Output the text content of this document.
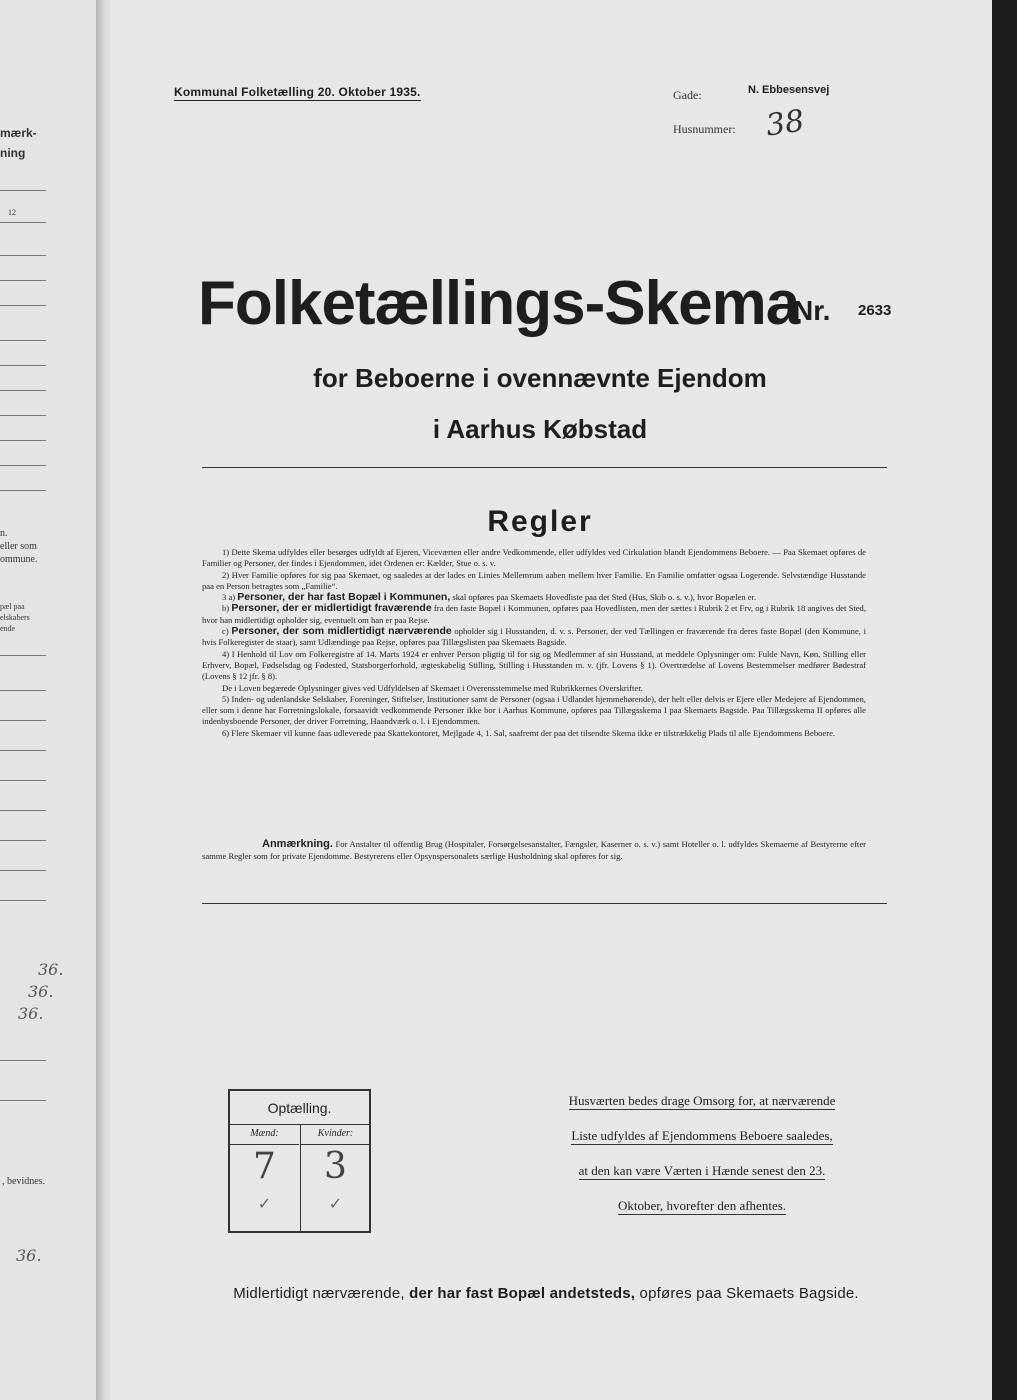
mærk-
ning
12
n.
eller som
ommune.
pæl paa
elskabers
ende
36.
36.
36.
, bevidnes.
36.
Kommunal Folketælling 20. Oktober 1935.	Gade:	N. Ebbesensvej
Husnummer: 38
Folketællings-Skema
Nr. 2633
for Beboerne i ovennævnte Ejendom
i Aarhus Købstad
Regler

1) Dette Skema udfyldes eller besørges udfyldt af Ejeren, Viceværten eller andre Vedkommende, eller udfyldes ved Cirkulation blandt Ejendommens Beboere. — Paa Skemaet opføres de Familier og Personer, der findes i Ejendommen, idet Ordenen er: Kælder, Stue o. s. v.

2) Hver Familie opføres for sig paa Skemaet, og saaledes at der lades en Linies Mellemrum aaben mellem hver Familie. En Familie omfatter ogsaa Logerende. Selvstændige Husstande paa en Person betragtes som „Familie“.

3 a) Personer, der har fast Bopæl i Kommunen, skal opføres paa Skemaets Hovedliste paa det Sted (Hus, Skib o. s. v.), hvor Bopælen er.

b) Personer, der er midlertidigt fraværende fra den faste Bopæl i Kommunen, opføres paa Hovedlisten, men der sættes i Rubrik 2 et Frv, og i Rubrik 18 angives det Sted, hvor han midlertidigt opholder sig, eventuelt om han er paa Rejse.

c) Personer, der som midlertidigt nærværende opholder sig i Husstanden, d. v. s. Personer, der ved Tællingen er fraværende fra deres faste Bopæl (den Kommune, i hvis Folkeregister de staar), samt Udlændinge paa Rejse, opføres paa Tillægslisten paa Skemaets Bagside.

4) I Henhold til Lov om Folkeregistre af 14. Marts 1924 er enhver Person pligtig til for sig og Medlemmer af sin Husstand, at meddele Oplysninger om: Fulde Navn, Køn, Stilling eller Erhverv, Bopæl, Fødselsdag og Fødested, Statsborgerforhold, ægteskabelig Stilling, Stilling i Husstanden m. v. (jfr. Lovens § 1). Overtrædelse af Lovens Bestemmelser medfører Bødestraf (Lovens § 12 jfr. § 8).

De i Loven begærede Oplysninger gives ved Udfyldelsen af Skemaet i Overensstemmelse med Rubrikkernes Overskrifter.

5) Inden- og udenlandske Selskaber, Foreninger, Stiftelser, Institutioner samt de Personer (ogsaa i Udlandet hjemmehørende), der helt eller delvis er Ejere eller Medejere af Ejendommen, eller som i denne har Forretningslokale, forsaavidt vedkommende Personer ikke bor i Aarhus Kommune, opføres paa Tillægsskema I paa Skemaets Bagside. Paa Tillægsskema II opføres alle indenbysboende Personer, der driver Forretning, Haandværk o. l. i Ejendommen.

6) Flere Skemaer vil kunne faas udleverede paa Skattekontoret, Mejlgade 4, 1. Sal, saafremt der paa det tilsendte Skema ikke er tilstrækkelig Plads til alle Ejendommens Beboere.

Anmærkning. For Anstalter til offentlig Brug (Hospitaler, Forsørgelsesanstalter, Fængsler, Kaserner o. s. v.) samt Hoteller o. l. udfyldes Skemaerne af Bestyrerne efter samme Regler som for private Ejendomme. Bestyrerens eller Opsynspersonalets særlige Husholdning skal opføres for sig.
Optælling.
Mænd:
7
✓
Kvinder:
3
✓
Husværten bedes drage Omsorg for, at nærværende
Liste udfyldes af Ejendommens Beboere saaledes,
at den kan være Værten i Hænde senest den 23.
Oktober, hvorefter den afhentes.
Midlertidigt nærværende, der har fast Bopæl andetsteds, opføres paa Skemaets Bagside.
